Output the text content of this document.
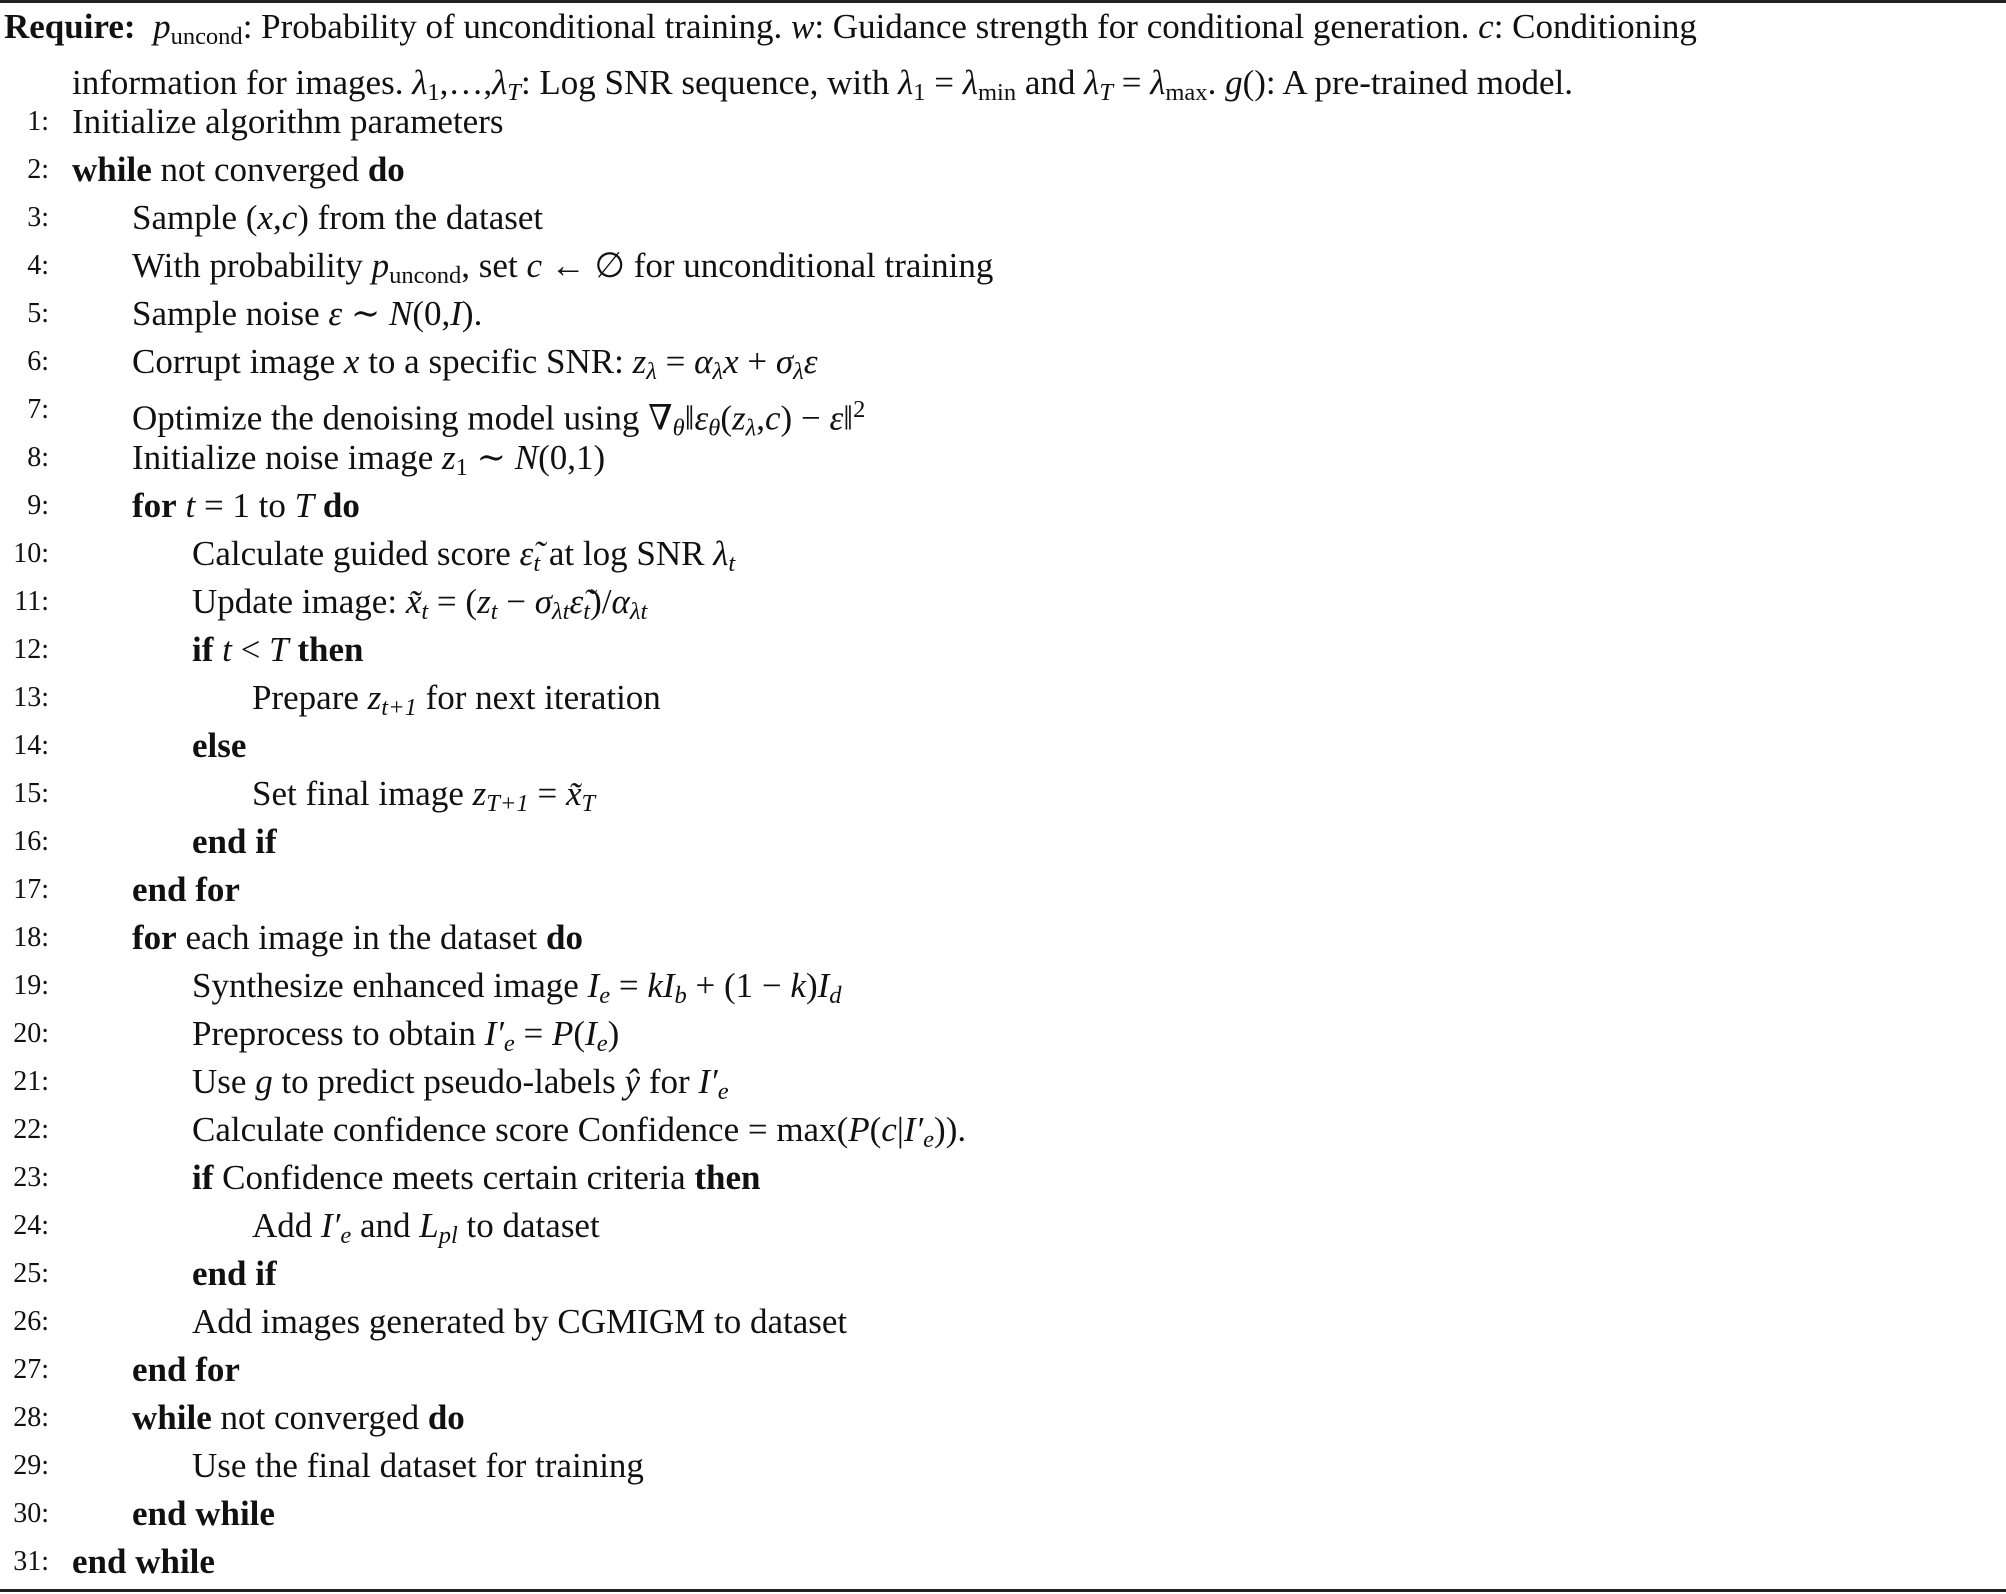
Require: $p_{uncond}$: Probability of unconditional training. w: Guidance strength for conditional generation. c: Conditioning
information for images. $\lambda_1,\dots,\lambda T$: Log SNR sequence, with $\lambda_1 = \lambda_{min}$ and $\lambda T = \lambda_{max}$. g(): A pre-trained model.
1: Initialize algorithm parameters
2: while not converged do
3: Sample (x,c) from the dataset
4: With probability $p_{uncond}$, set c ← ∅ for unconditional training
5: Sample noise ε ∼ N(0,I).
6: Corrupt image x to a specific SNR: zλ = αλx + σλε
7: Optimize the denoising model using ∇θ‖εθ(zλ,c) − ε‖$^2$
8: Initialize noise image $z_1$ ∼ N(0,1)
9: for t = 1 to T do
10:	Calculate guided score ε̃t at log SNR λt
11:	Update image: x̃t = (zt − σλtε̃t)/αλt
12:	if t < T then
13:	Prepare zt+1 for next iteration
14:	else
15:	Set final image zT+1 = x̃T
16:	end if
17: end for
18: for each image in the dataset do
19:	Synthesize enhanced image Ie = kIb + (1 − k)Id
20:	Preprocess to obtain I′e = P(Ie)
21:	Use g to predict pseudo-labels ŷ for I′e
22:	Calculate confidence score Confidence = max(P(c|I′e)).
23:	if Confidence meets certain criteria then
24:	Add I′e and Lpl to dataset
25:	end if
26:	Add images generated by CGMIGM to dataset
27: end for
28: while not converged do
29:	Use the final dataset for training
30: end while
31: end while
